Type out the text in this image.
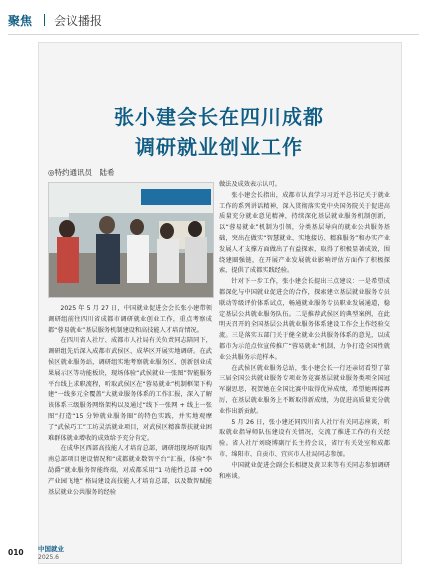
聚焦 会议播报
张小建会长在四川成都
调研就业创业工作
◎特约通讯员　陆希

2025 年 5 月 27 日，中国就业促进会会长张小建带领调研组前往四川省成都市调研就业创业工作，重点考察成都“蓉易就业”基层服务机制建设和高技能人才培育情况。

在四川省人社厅、成都市人社局有关负责同志陪同下，调研组先后深入成都市武侯区、成华区开展实地调研。在武侯区就业服务站，调研组实地考察就业服务区、创新创业成果展示区等功能板块，现场体验“武侯就业一张图”智能服务平台线上求职流程，听取武侯区在“蓉易就业”机制框架下构建“一线多元全覆盖”大就业服务体系的工作汇报，深入了解该体系三级服务网络架构以及通过“线下一张网 + 线上一张图”打造“15 分钟就业服务圈”的特色实践，并实地观摩了“武侯巧工”工坊灵活就业项目，对武侯区精准帮扶就业困难群体就业增收的成效给予充分肯定。

在成华区西部高技能人才培育总部，调研组现场听取西南总部项目建设情况和“成都就业数智平台”汇报，体验“李劼爵”就业服务智能终端，对成都采用“1 功能性总部 +00 产业园飞地” 格局建设高技能人才培育总部，以及数智赋能基层就业公共服务的经验

做法及成效表示认可。

张小建会长指出，成都市认真学习习近平总书记关于就业工作的系列讲话精神，深入贯彻落实党中央国务院关于促进高质量充分就业意见精神，持续深化基层就业服务机制创新，以“蓉易就业”机制为引领，分类基层导向的就业公共服务基础，突出在做实“智慧就业、实地接访、精准服务”和办实产业发展人才支撑方面做出了有益探索，取得了积极显著成效，围绕建圈强链，在开展产业发展就业影响评估方面作了积极探索，提供了成都实践经验。

针对下一步工作，张小建会长提出三点建议：一是希望成都深化与中国就业促进会的合作，探索建立基层就业服务专员联动等级评价体系试点，畅通就业服务专员职业发展通道，稳定基层公共就业服务队伍。二是推荐武侯区的典型案例，在此明天召开的全国基层公共就业服务体系建设工作会上作经验交流。三是落实五部门关于健全就业公共服务体系的意见，以成都市为示范点位宣传推广“蓉易就业”机制，力争打造全国性就业公共服务示范样本。

在武侯区就业服务总站，张小建会长一行还亲切看望了第三届全国公共就业服务专项业务竞赛基层就业服务类项全国冠军谢思思，祝贺她在全国比赛中取得优异成绩，希望她再接再厉，在基层就业服务上不断取得新成绩，为促进高质量充分就业作出新贡献。

5 月 26 日，张小建还同四川省人社厅有关同志座谈，听取就业指导师队伍建设有关情况，交流了推进工作的有关经验。省人社厅刘晓博副厅长主持会议，省厅有关处室和成都市、绵阳市、自贡市、宜宾市人社局同志参加。

中国就业促进会副会长相捷及黄卫来等有关同志参加调研和座谈。

010 中国就业
2025.6
